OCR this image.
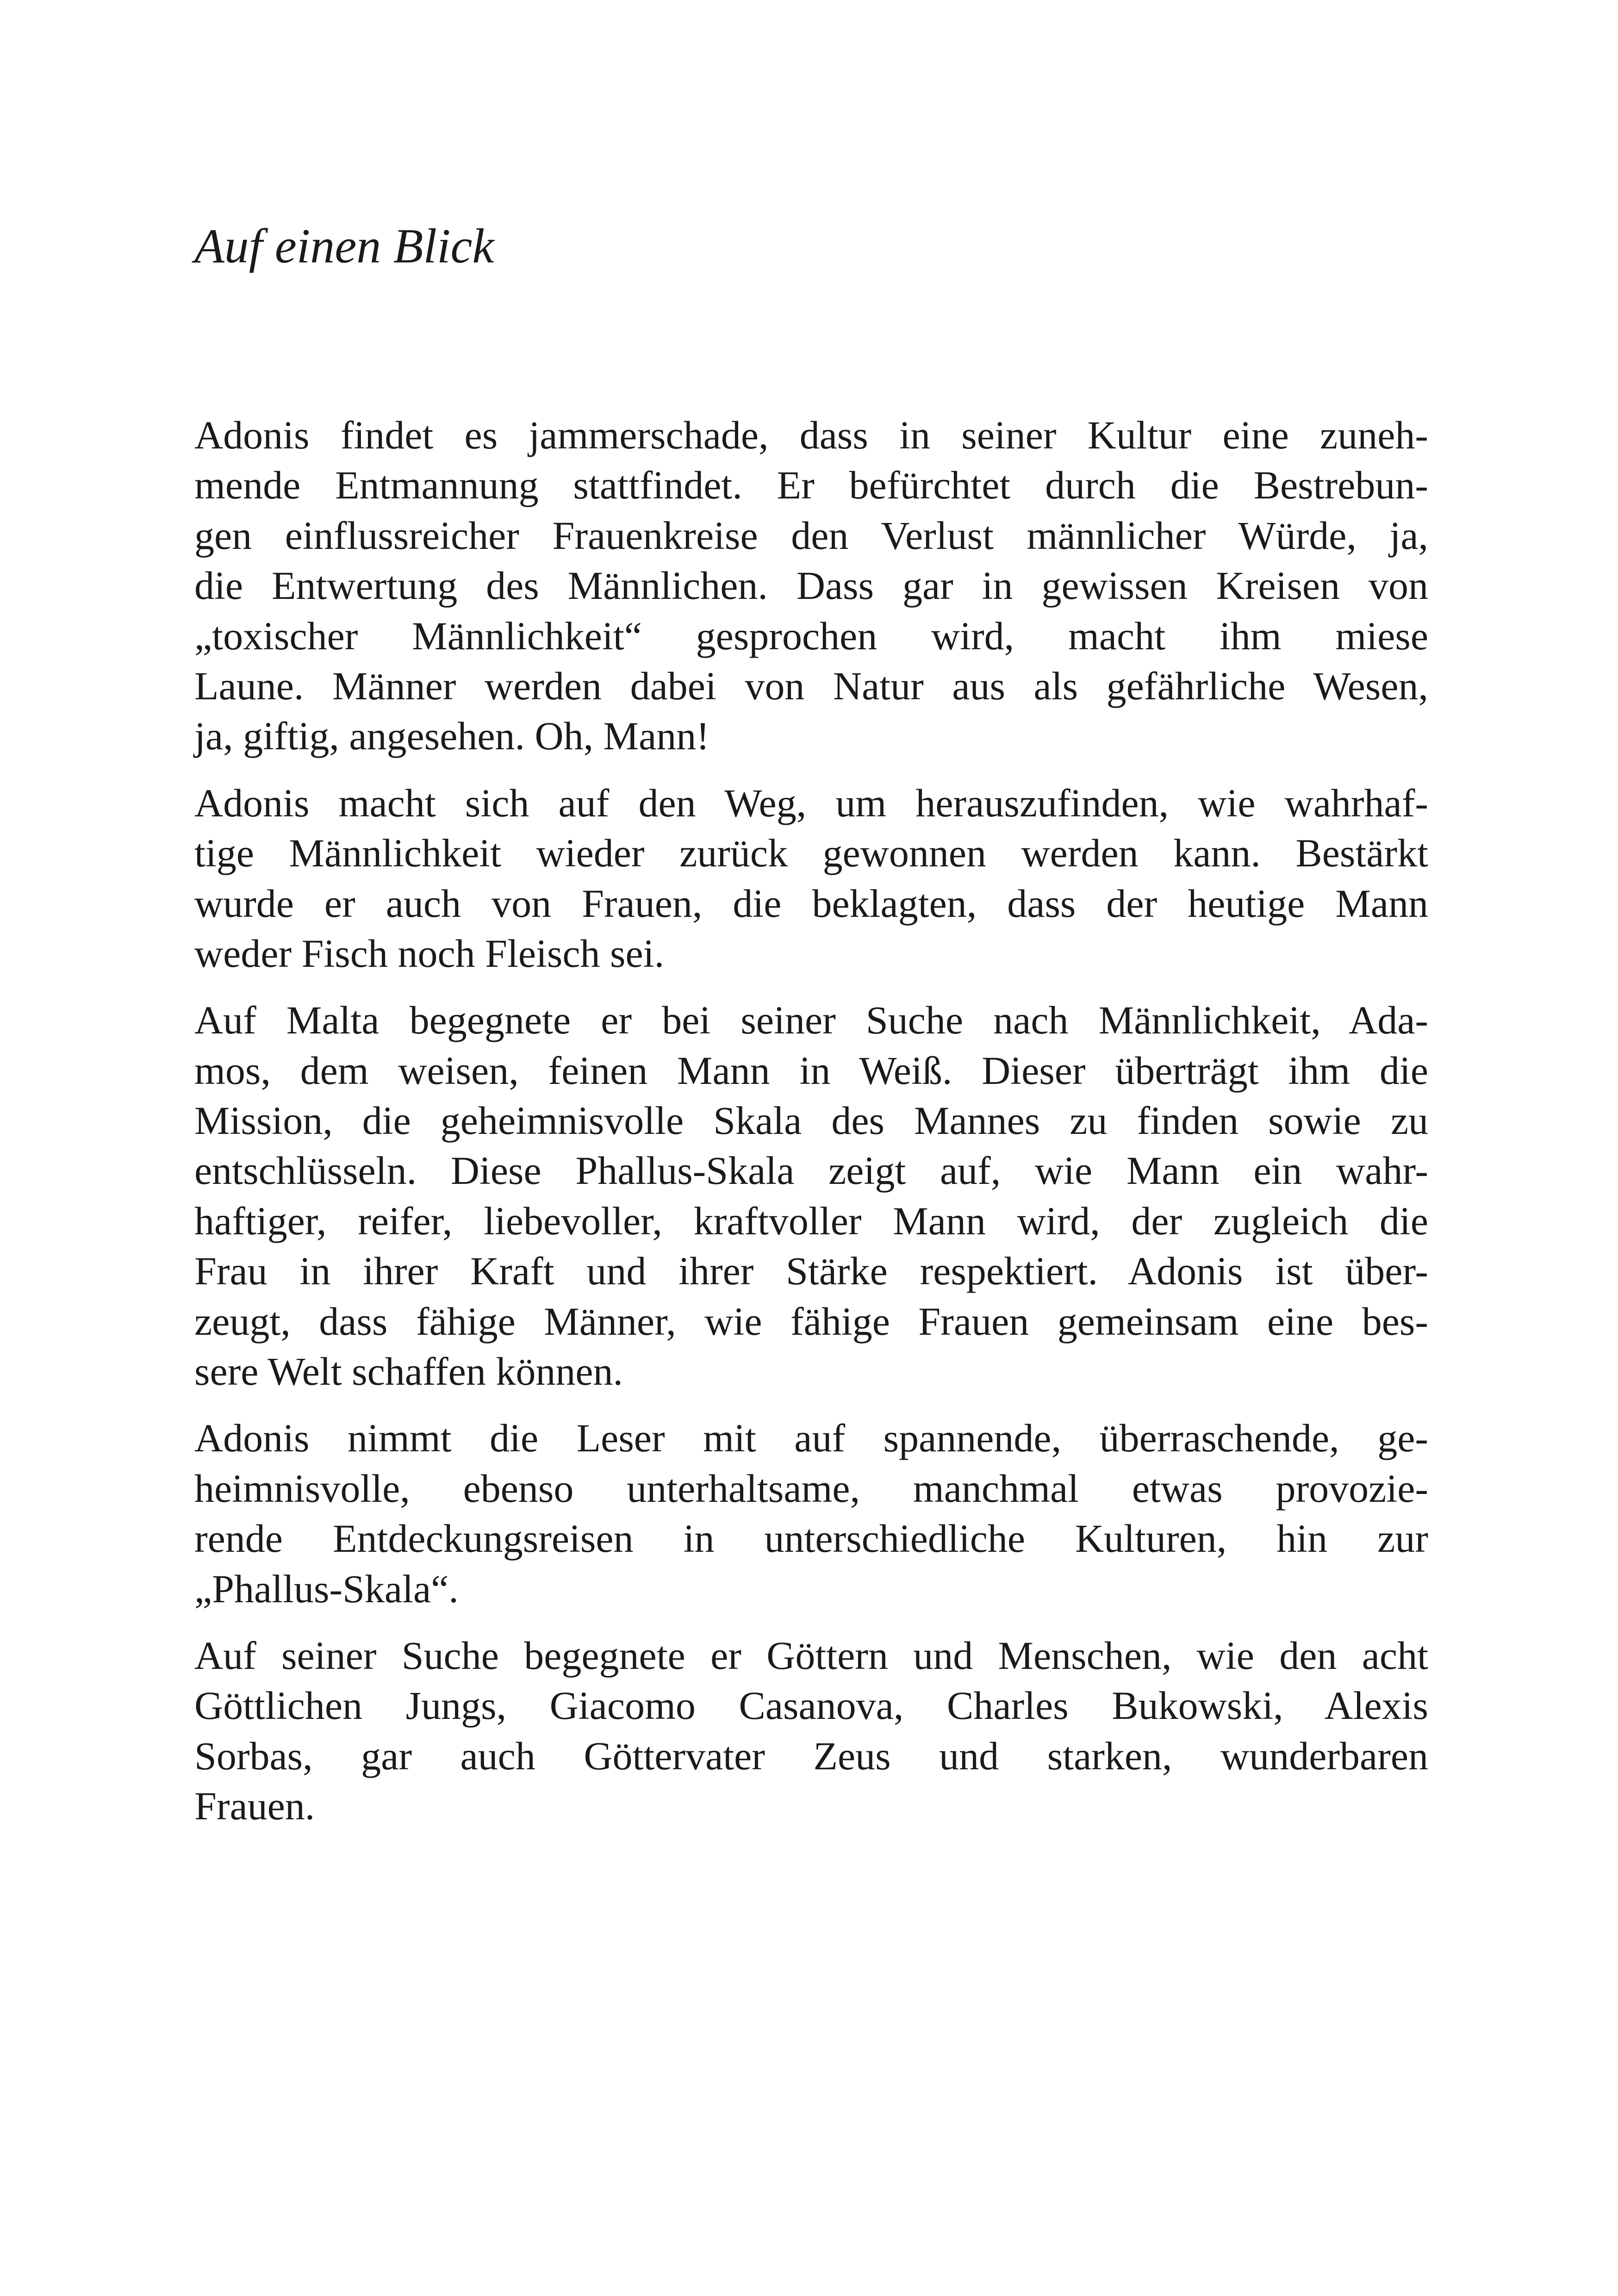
Auf einen Blick

Adonis findet es jammerschade, dass in seiner Kultur eine zuneh-
mende Entmannung stattfindet. Er befürchtet durch die Bestrebun-
gen einflussreicher Frauenkreise den Verlust männlicher Würde, ja,
die Entwertung des Männlichen. Dass gar in gewissen Kreisen von
„toxischer Männlichkeit“ gesprochen wird, macht ihm miese
Laune. Männer werden dabei von Natur aus als gefährliche Wesen,
ja, giftig, angesehen. Oh, Mann!

Adonis macht sich auf den Weg, um herauszufinden, wie wahrhaf-
tige Männlichkeit wieder zurück gewonnen werden kann. Bestärkt
wurde er auch von Frauen, die beklagten, dass der heutige Mann
weder Fisch noch Fleisch sei.

Auf Malta begegnete er bei seiner Suche nach Männlichkeit, Ada-
mos, dem weisen, feinen Mann in Weiß. Dieser überträgt ihm die
Mission, die geheimnisvolle Skala des Mannes zu finden sowie zu
entschlüsseln. Diese Phallus-Skala zeigt auf, wie Mann ein wahr-
haftiger, reifer, liebevoller, kraftvoller Mann wird, der zugleich die
Frau in ihrer Kraft und ihrer Stärke respektiert. Adonis ist über-
zeugt, dass fähige Männer, wie fähige Frauen gemeinsam eine bes-
sere Welt schaffen können.

Adonis nimmt die Leser mit auf spannende, überraschende, ge-
heimnisvolle, ebenso unterhaltsame, manchmal etwas provozie-
rende Entdeckungsreisen in unterschiedliche Kulturen, hin zur
„Phallus-Skala“.

Auf seiner Suche begegnete er Göttern und Menschen, wie den acht
Göttlichen Jungs, Giacomo Casanova, Charles Bukowski, Alexis
Sorbas, gar auch Göttervater Zeus und starken, wunderbaren
Frauen.
